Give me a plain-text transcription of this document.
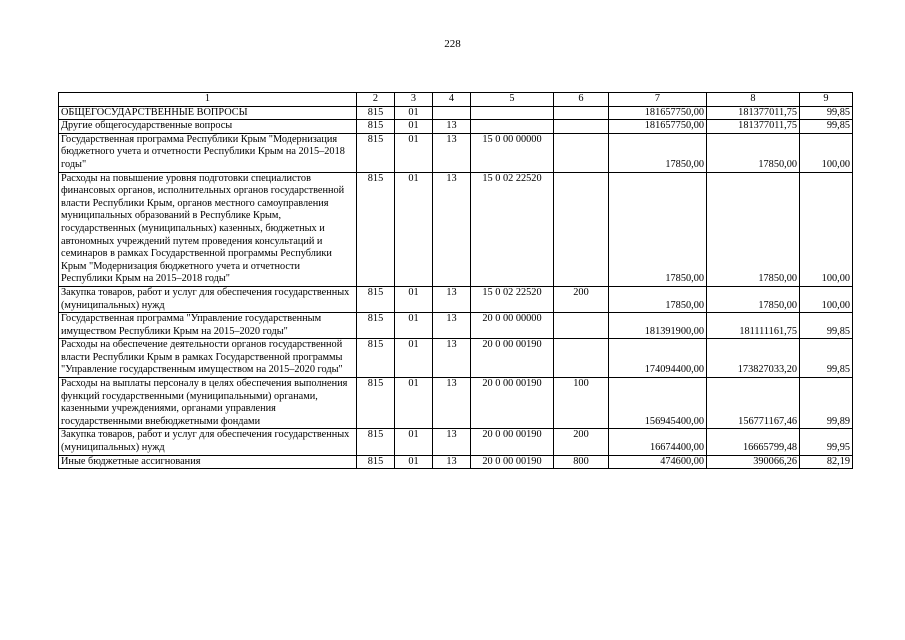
228
1	2	3	4	5	6	7	8	9
ОБЩЕГОСУДАРСТВЕННЫЕ ВОПРОСЫ	815	01				181657750,00	181377011,75	99,85
Другие общегосударственные вопросы	815	01	13			181657750,00	181377011,75	99,85
Государственная программа Республики Крым "Модернизация бюджетного учета и отчетности Республики Крым на 2015–2018 годы"	815	01	13	15 0 00 00000		17850,00	17850,00	100,00
Расходы на повышение уровня подготовки специалистов финансовых органов, исполнительных органов государственной власти Республики Крым, органов местного самоуправления муниципальных образований в Республике Крым, государственных (муниципальных) казенных, бюджетных и автономных учреждений путем проведения консультаций и семинаров в рамках Государственной программы Республики Крым "Модернизация бюджетного учета и отчетности Республики Крым на 2015–2018 годы"	815	01	13	15 0 02 22520		17850,00	17850,00	100,00
Закупка товаров, работ и услуг для обеспечения государственных (муниципальных) нужд	815	01	13	15 0 02 22520	200	17850,00	17850,00	100,00
Государственная программа "Управление государственным имуществом Республики Крым на 2015–2020 годы"	815	01	13	20 0 00 00000		181391900,00	181111161,75	99,85
Расходы на обеспечение деятельности органов государственной власти Республики Крым в рамках Государственной программы "Управление государственным имуществом на 2015–2020 годы"	815	01	13	20 0 00 00190		174094400,00	173827033,20	99,85
Расходы на выплаты персоналу в целях обеспечения выполнения функций государственными (муниципальными) органами, казенными учреждениями, органами управления государственными внебюджетными фондами	815	01	13	20 0 00 00190	100	156945400,00	156771167,46	99,89
Закупка товаров, работ и услуг для обеспечения государственных (муниципальных) нужд	815	01	13	20 0 00 00190	200	16674400,00	16665799,48	99,95
Иные бюджетные ассигнования	815	01	13	20 0 00 00190	800	474600,00	390066,26	82,19
